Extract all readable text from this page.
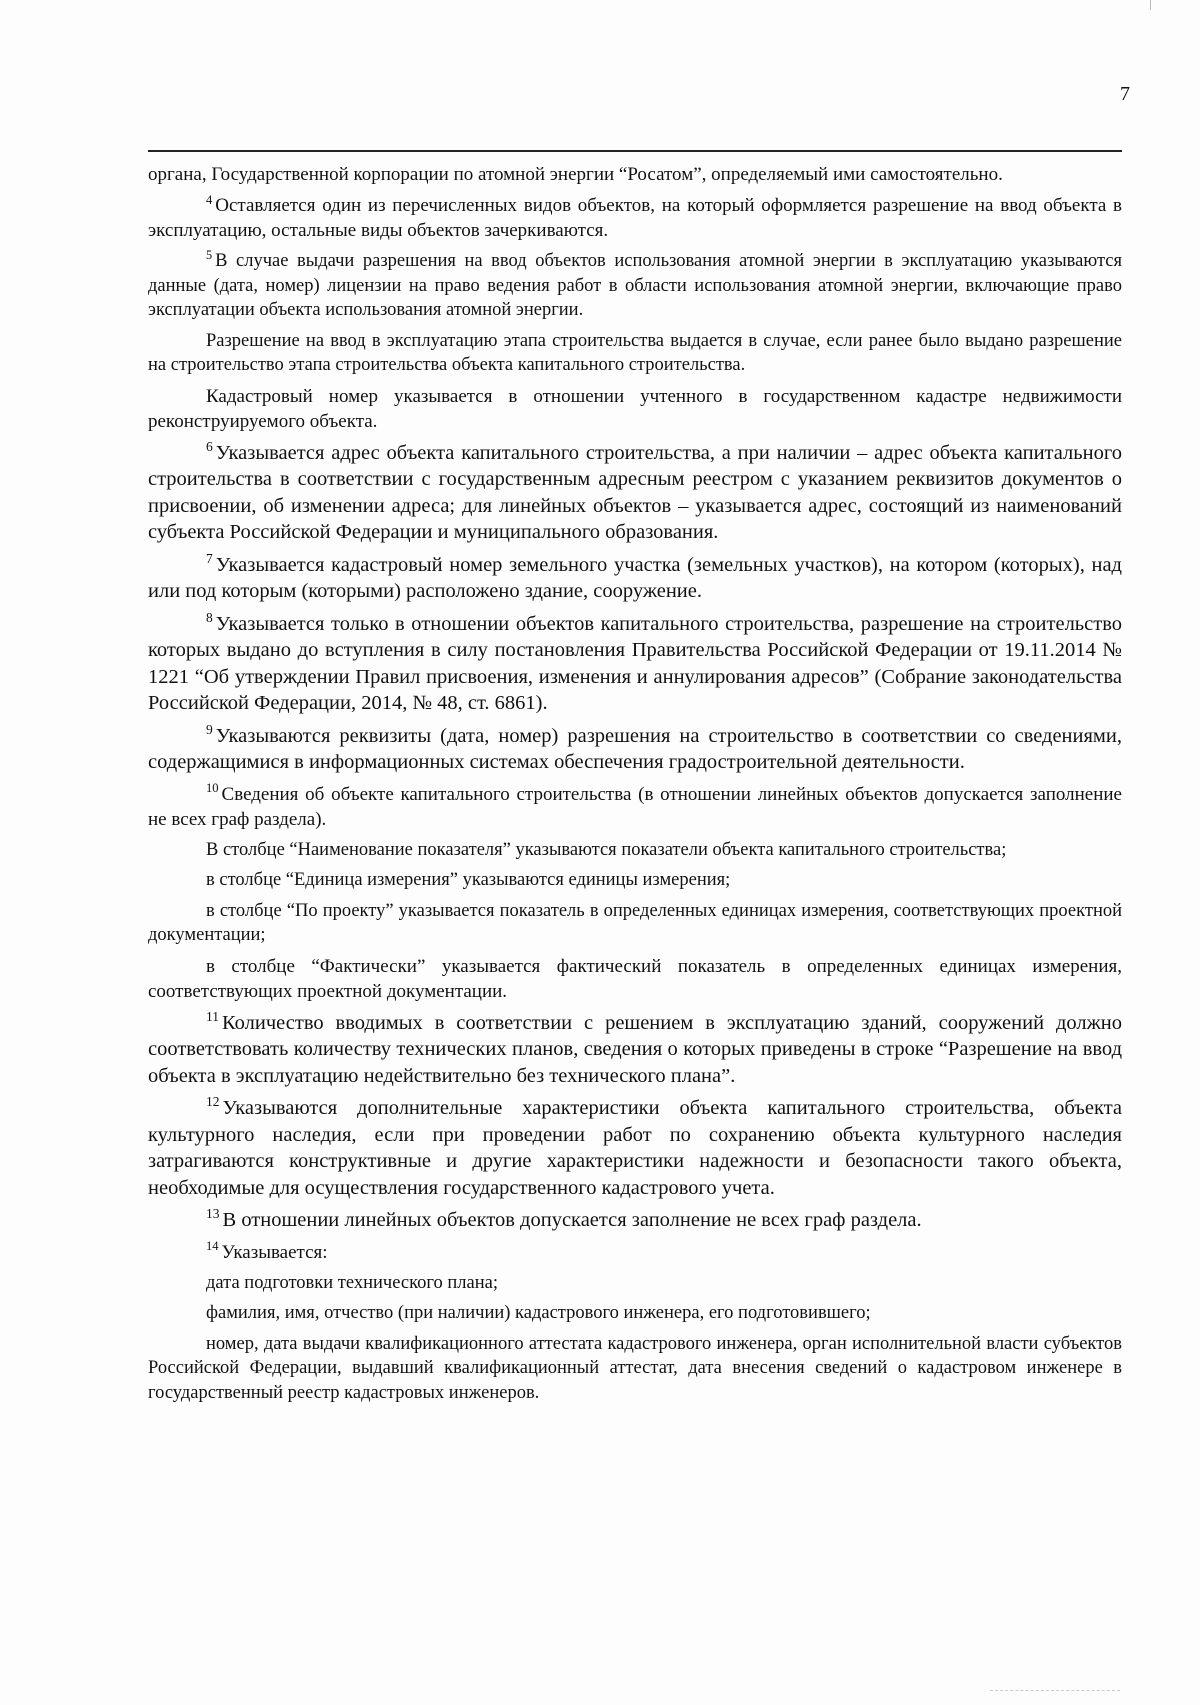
7

органа, Государственной корпорации по атомной энергии “Росатом”, определяемый ими самостоятельно.

$^4$ Оставляется один из перечисленных видов объектов, на который оформляется разрешение на ввод объекта в эксплуатацию, остальные виды объектов зачеркиваются.

$^5$ В случае выдачи разрешения на ввод объектов использования атомной энергии в эксплуатацию указываются данные (дата, номер) лицензии на право ведения работ в области использования атомной энергии, включающие право эксплуатации объекта использования атомной энергии.

Разрешение на ввод в эксплуатацию этапа строительства выдается в случае, если ранее было выдано разрешение на строительство этапа строительства объекта капитального строительства.

Кадастровый номер указывается в отношении учтенного в государственном кадастре недвижимости реконструируемого объекта.

$^6$ Указывается адрес объекта капитального строительства, а при наличии – адрес объекта капитального строительства в соответствии с государственным адресным реестром с указанием реквизитов документов о присвоении, об изменении адреса; для линейных объектов – указывается адрес, состоящий из наименований субъекта Российской Федерации и муниципального образования.

$^7$ Указывается кадастровый номер земельного участка (земельных участков), на котором (которых), над или под которым (которыми) расположено здание, сооружение.

$^8$ Указывается только в отношении объектов капитального строительства, разрешение на строительство которых выдано до вступления в силу постановления Правительства Российской Федерации от 19.11.2014 № 1221 “Об утверждении Правил присвоения, изменения и аннулирования адресов” (Собрание законодательства Российской Федерации, 2014, № 48, ст. 6861).

$^9$ Указываются реквизиты (дата, номер) разрешения на строительство в соответствии со сведениями, содержащимися в информационных системах обеспечения градостроительной деятельности.

$^{10}$ Сведения об объекте капитального строительства (в отношении линейных объектов допускается заполнение не всех граф раздела).

В столбце “Наименование показателя” указываются показатели объекта капитального строительства;

в столбце “Единица измерения” указываются единицы измерения;

в столбце “По проекту” указывается показатель в определенных единицах измерения, соответствующих проектной документации;

в столбце “Фактически” указывается фактический показатель в определенных единицах измерения, соответствующих проектной документации.

$^{11}$ Количество вводимых в соответствии с решением в эксплуатацию зданий, сооружений должно соответствовать количеству технических планов, сведения о которых приведены в строке “Разрешение на ввод объекта в эксплуатацию недействительно без технического плана”.

$^{12}$ Указываются дополнительные характеристики объекта капитального строительства, объекта культурного наследия, если при проведении работ по сохранению объекта культурного наследия затрагиваются конструктивные и другие характеристики надежности и безопасности такого объекта, необходимые для осуществления государственного кадастрового учета.

$^{13}$ В отношении линейных объектов допускается заполнение не всех граф раздела.

$^{14}$ Указывается:

дата подготовки технического плана;

фамилия, имя, отчество (при наличии) кадастрового инженера, его подготовившего;

номер, дата выдачи квалификационного аттестата кадастрового инженера, орган исполнительной власти субъектов Российской Федерации, выдавший квалификационный аттестат, дата внесения сведений о кадастровом инженере в государственный реестр кадастровых инженеров.
